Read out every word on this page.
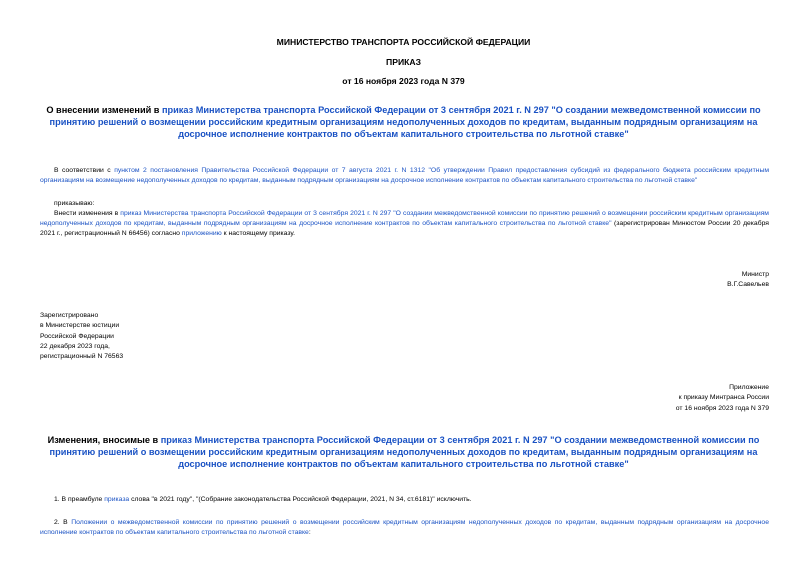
МИНИСТЕРСТВО ТРАНСПОРТА РОССИЙСКОЙ ФЕДЕРАЦИИ
ПРИКАЗ
от 16 ноября 2023 года N 379
О внесении изменений в приказ Министерства транспорта Российской Федерации от 3 сентября 2021 г. N 297 "О создании межведомственной комиссии по принятию решений о возмещении российским кредитным организациям недополученных доходов по кредитам, выданным подрядным организациям на досрочное исполнение контрактов по объектам капитального строительства по льготной ставке"
В соответствии с пунктом 2 постановления Правительства Российской Федерации от 7 августа 2021 г. N 1312 "Об утверждении Правил предоставления субсидий из федерального бюджета российским кредитным организациям на возмещение недополученных доходов по кредитам, выданным подрядным организациям на досрочное исполнение контрактов по объектам капитального строительства по льготной ставке"
приказываю:
Внести изменения в приказ Министерства транспорта Российской Федерации от 3 сентября 2021 г. N 297 "О создании межведомственной комиссии по принятию решений о возмещении российским кредитным организациям недополученных доходов по кредитам, выданным подрядным организациям на досрочное исполнение контрактов по объектам капитального строительства по льготной ставке" (зарегистрирован Минюстом России 20 декабря 2021 г., регистрационный N 66456) согласно приложению к настоящему приказу.
Министр
В.Г.Савельев
Зарегистрировано
в Министерстве юстиции
Российской Федерации
22 декабря 2023 года,
регистрационный N 76563
Приложение
к приказу Минтранса России
от 16 ноября 2023 года N 379
Изменения, вносимые в приказ Министерства транспорта Российской Федерации от 3 сентября 2021 г. N 297 "О создании межведомственной комиссии по принятию решений о возмещении российским кредитным организациям недополученных доходов по кредитам, выданным подрядным организациям на досрочное исполнение контрактов по объектам капитального строительства по льготной ставке"
1. В преамбуле приказа слова "в 2021 году", "(Собрание законодательства Российской Федерации, 2021, N 34, ст.6181)" исключить.
2. В Положении о межведомственной комиссии по принятию решений о возмещении российским кредитным организациям недополученных доходов по кредитам, выданным подрядным организациям на досрочное исполнение контрактов по объектам капитального строительства по льготной ставке:
